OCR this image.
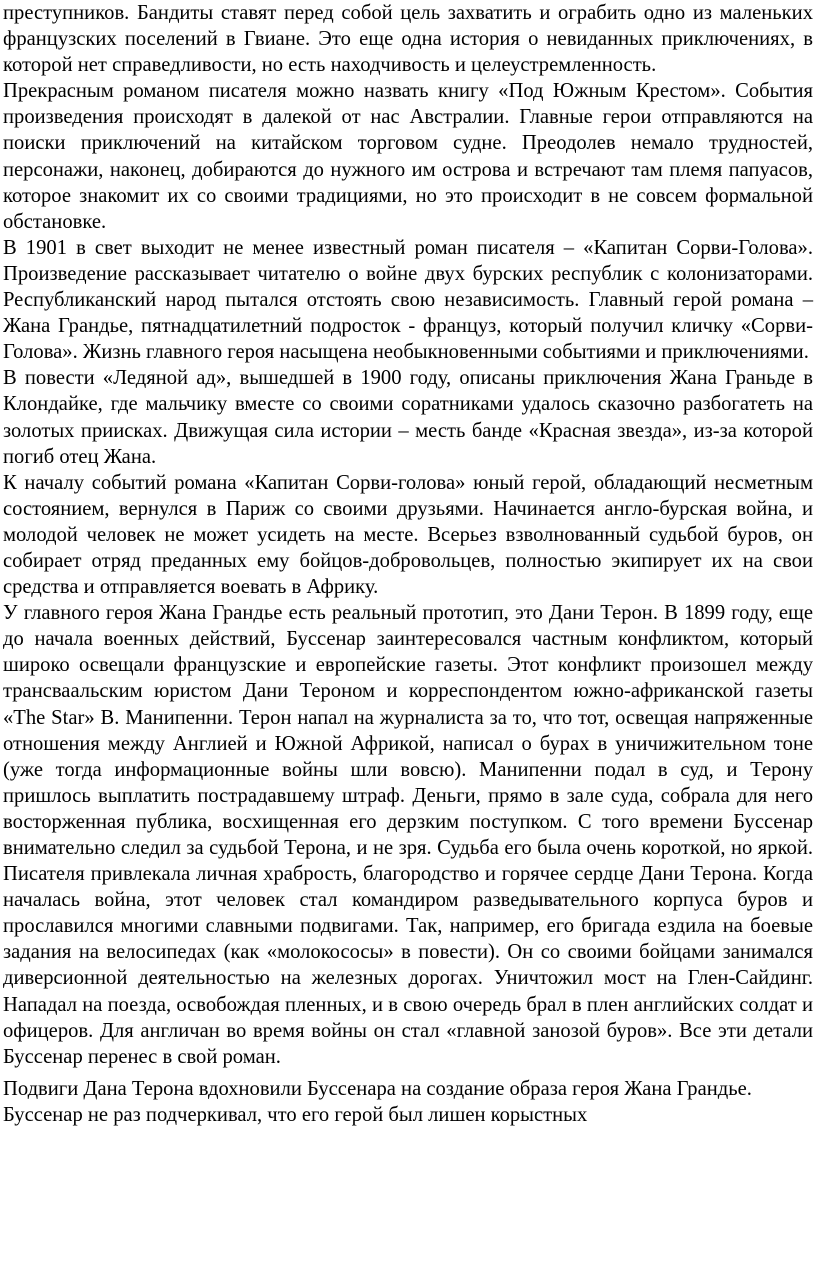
преступников. Бандиты ставят перед собой цель захватить и ограбить одно из маленьких французских поселений в Гвиане. Это еще одна история о невиданных приключениях, в которой нет справедливости, но есть находчивость и целеустремленность.

Прекрасным романом писателя можно назвать книгу «Под Южным Крестом». События произведения происходят в далекой от нас Австралии. Главные герои отправляются на поиски приключений на китайском торговом судне. Преодолев немало трудностей, персонажи, наконец, добираются до нужного им острова и встречают там племя папуасов, которое знакомит их со своими традициями, но это происходит в не совсем формальной обстановке.

В 1901 в свет выходит не менее известный роман писателя – «Капитан Сорви-Голова». Произведение рассказывает читателю о войне двух бурских республик с колонизаторами. Республиканский народ пытался отстоять свою независимость. Главный герой романа – Жана Грандье, пятнадцатилетний подросток - француз, который получил кличку «Сорви-Голова». Жизнь главного героя насыщена необыкновенными событиями и приключениями.

В повести «Ледяной ад», вышедшей в 1900 году, описаны приключения Жана Граньде в Клондайке, где мальчику вместе со своими соратниками удалось сказочно разбогатеть на золотых приисках. Движущая сила истории – месть банде «Красная звезда», из-за которой погиб отец Жана.

К началу событий романа «Капитан Сорви-голова» юный герой, обладающий несметным состоянием, вернулся в Париж со своими друзьями. Начинается англо-бурская война, и молодой человек не может усидеть на месте. Всерьез взволнованный судьбой буров, он собирает отряд преданных ему бойцов-добровольцев, полностью экипирует их на свои средства и отправляется воевать в Африку.

У главного героя Жана Грандье есть реальный прототип, это Дани Терон. В 1899 году, еще до начала военных действий, Буссенар заинтересовался частным конфликтом, который широко освещали французские и европейские газеты. Этот конфликт произошел между трансваальским юристом Дани Тероном и корреспондентом южно-африканской газеты «The Star» В. Манипенни. Терон напал на журналиста за то, что тот, освещая напряженные отношения между Англией и Южной Африкой, написал о бурах в уничижительном тоне (уже тогда информационные войны шли вовсю). Манипенни подал в суд, и Терону пришлось выплатить пострадавшему штраф. Деньги, прямо в зале суда, собрала для него восторженная публика, восхищенная его дерзким поступком. С того времени Буссенар внимательно следил за судьбой Терона, и не зря. Судьба его была очень короткой, но яркой. Писателя привлекала личная храбрость, благородство и горячее сердце Дани Терона. Когда началась война, этот человек стал командиром разведывательного корпуса буров и прославился многими славными подвигами. Так, например, его бригада ездила на боевые задания на велосипедах (как «молокососы» в повести). Он со своими бойцами занимался диверсионной деятельностью на железных дорогах. Уничтожил мост на Глен-Сайдинг. Нападал на поезда, освобождая пленных, и в свою очередь брал в плен английских солдат и офицеров. Для англичан во время войны он стал «главной занозой буров». Все эти детали Буссенар перенес в свой роман.

Подвиги Дана Терона вдохновили Буссенара на создание образа героя Жана Грандье. Буссенар не раз подчеркивал, что его герой был лишен корыстных
